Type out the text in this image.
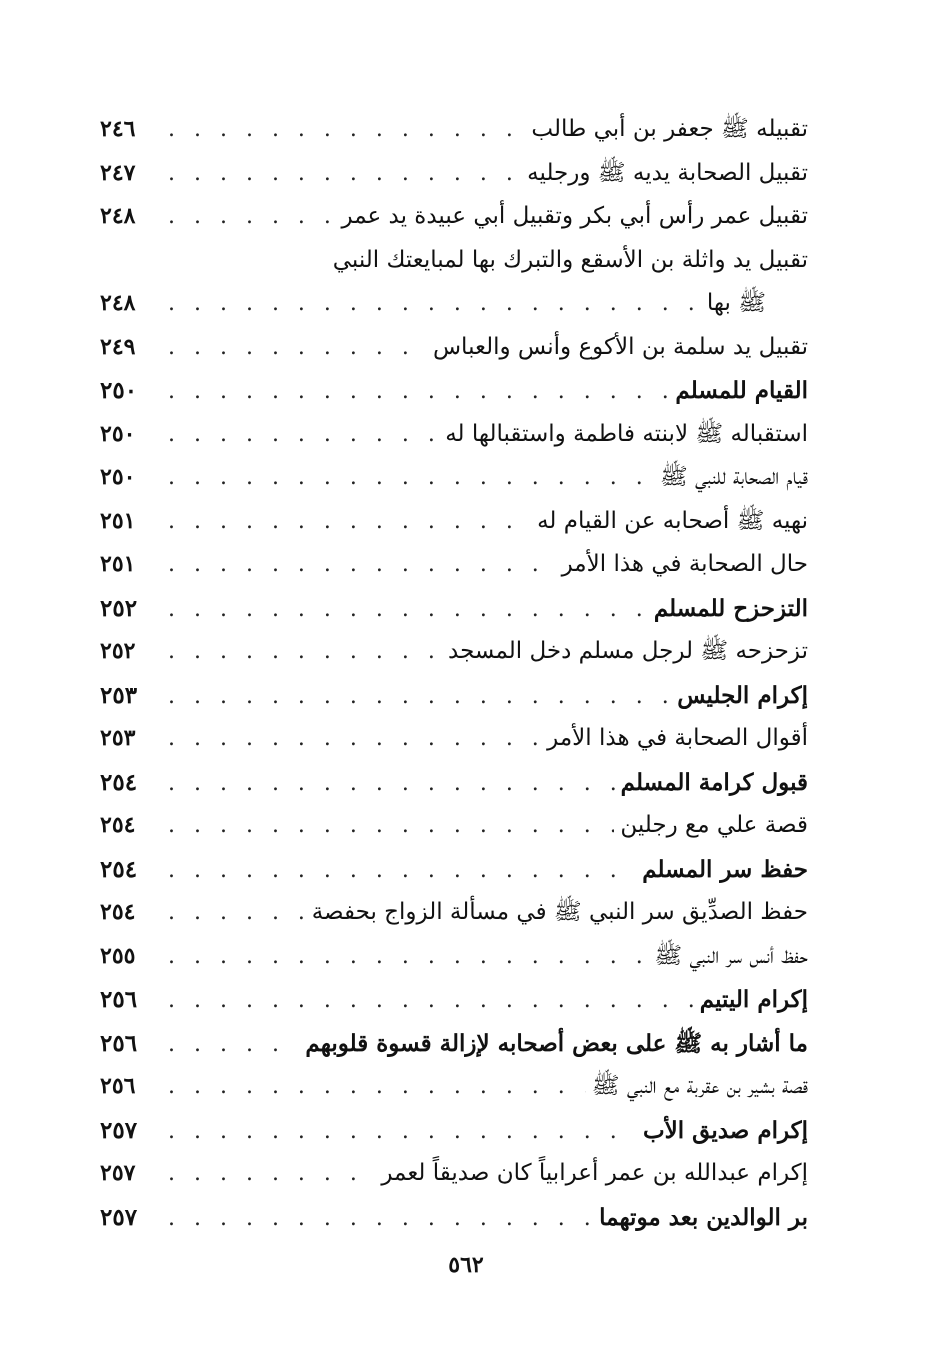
تقبيله ﷺ جعفر بن أبي طالب
. . .
٢٤٦
تقبيل الصحابة يديه ﷺ ورجليه
. . .
٢٤٧
تقبيل عمر رأس أبي بكر وتقبيل أبي عبيدة يد عمر
. . .
٢٤٨
تقبيل يد واثلة بن الأسقع والتبرك بها لمبايعتك النبي
ﷺ بها
. . .
٢٤٨
تقبيل يد سلمة بن الأكوع وأنس والعباس
. . .
٢٤٩
القيام للمسلم
. . .
٢٥٠
استقباله ﷺ لابنته فاطمة واستقبالها له
. . .
٢٥٠
قيام الصحابة للنبي ﷺ
. . .
٢٥٠
نهيه ﷺ أصحابه عن القيام له
. . .
٢٥١
حال الصحابة في هذا الأمر
. . .
٢٥١
التزحزح للمسلم
. . .
٢٥٢
تزحزحه ﷺ لرجل مسلم دخل المسجد
. . .
٢٥٢
إكرام الجليس
. . .
٢٥٣
أقوال الصحابة في هذا الأمر
. . .
٢٥٣
قبول كرامة المسلم
. . .
٢٥٤
قصة علي مع رجلين
. . .
٢٥٤
حفظ سر المسلم
. . .
٢٥٤
حفظ الصدِّيق سر النبي ﷺ في مسألة الزواج بحفصة
. . .
٢٥٤
حفظ أنس سر النبي ﷺ
. . .
٢٥٥
إكرام اليتيم
. . .
٢٥٦
ما أشار به ﷺ على بعض أصحابه لإزالة قسوة قلوبهم
. . .
٢٥٦
قصة بشير بن عقربة مع النبي ﷺ
. . .
٢٥٦
إكرام صديق الأب
. . .
٢٥٧
إكرام عبدالله بن عمر أعرابياً كان صديقاً لعمر
. . .
٢٥٧
بر الوالدين بعد موتهما
. . .
٢٥٧
٥٦٢
